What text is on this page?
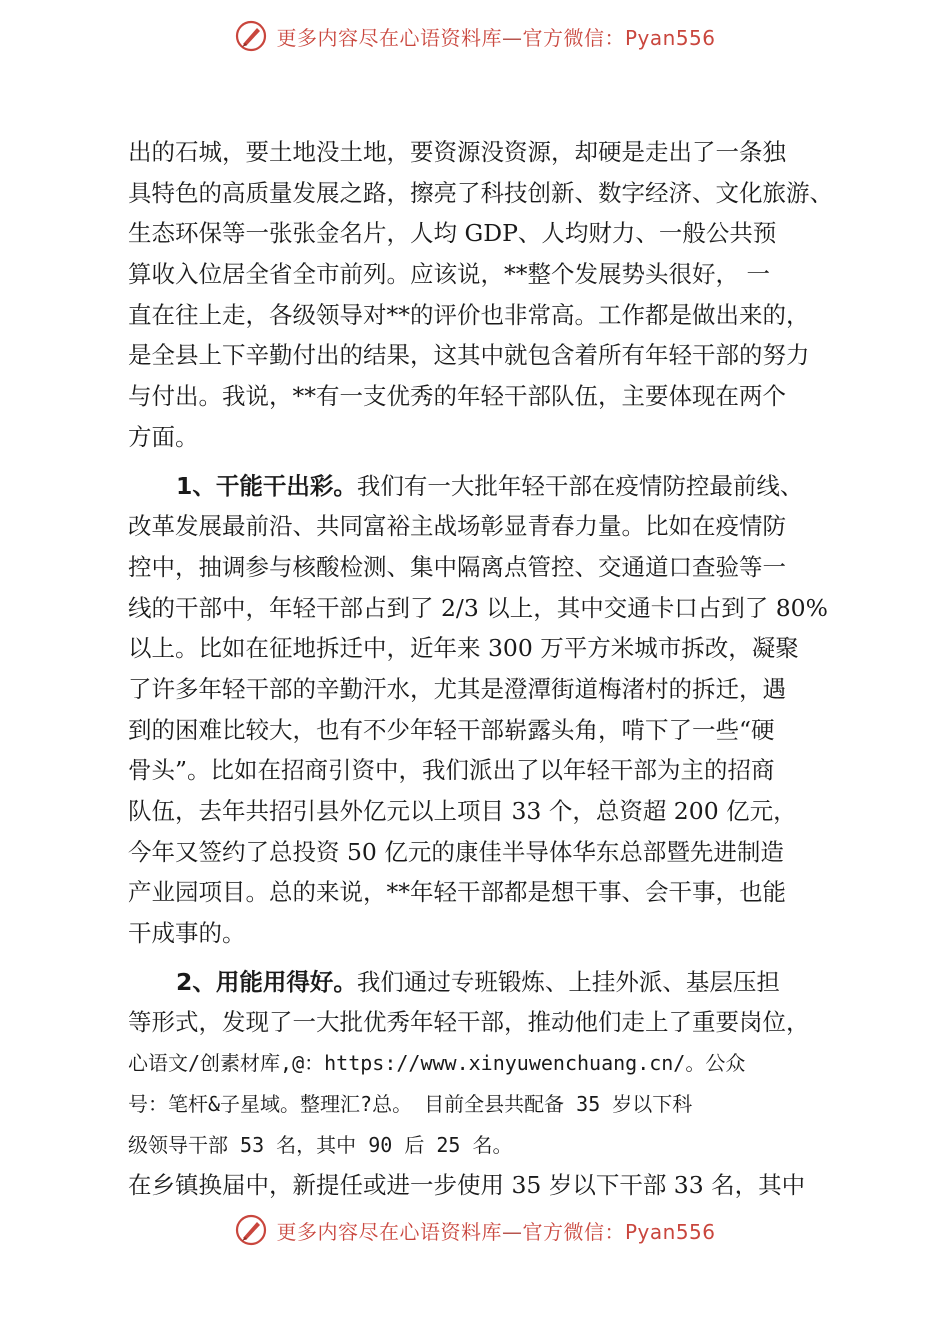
更多内容尽在心语资料库—官方微信：Pyan556
出的石城，要土地没土地，要资源没资源，却硬是走出了一条独
具特色的高质量发展之路，擦亮了科技创新、数字经济、文化旅游、
生态环保等一张张金名片，人均 GDP、人均财力、一般公共预
算收入位居全省全市前列。应该说，**整个发展势头很好， 一
直在往上走，各级领导对**的评价也非常高。工作都是做出来的，
是全县上下辛勤付出的结果，这其中就包含着所有年轻干部的努力
与付出。我说，**有一支优秀的年轻干部队伍，主要体现在两个
方面。
1、干能干出彩。我们有一大批年轻干部在疫情防控最前线、
改革发展最前沿、共同富裕主战场彰显青春力量。比如在疫情防
控中，抽调参与核酸检测、集中隔离点管控、交通道口查验等一
线的干部中，年轻干部占到了 2/3 以上，其中交通卡口占到了 80%
以上。比如在征地拆迁中，近年来 300 万平方米城市拆改，凝聚
了许多年轻干部的辛勤汗水，尤其是澄潭街道梅渚村的拆迁，遇
到的困难比较大，也有不少年轻干部崭露头角，啃下了一些“硬
骨头”。比如在招商引资中，我们派出了以年轻干部为主的招商
队伍，去年共招引县外亿元以上项目 33 个，总资超 200 亿元，
今年又签约了总投资 50 亿元的康佳半导体华东总部暨先进制造
产业园项目。总的来说，**年轻干部都是想干事、会干事，也能
干成事的。
2、用能用得好。我们通过专班锻炼、上挂外派、基层压担
等形式，发现了一大批优秀年轻干部，推动他们走上了重要岗位，
心语文/创素材库,@：https://www.xinyuwenchuang.cn/。公众
号：笔杆&子星域。整理汇?总。 目前全县共配备 35 岁以下科
级领导干部 53 名，其中 90 后 25 名。
在乡镇换届中，新提任或进一步使用 35 岁以下干部 33 名，其中
更多内容尽在心语资料库—官方微信：Pyan556
